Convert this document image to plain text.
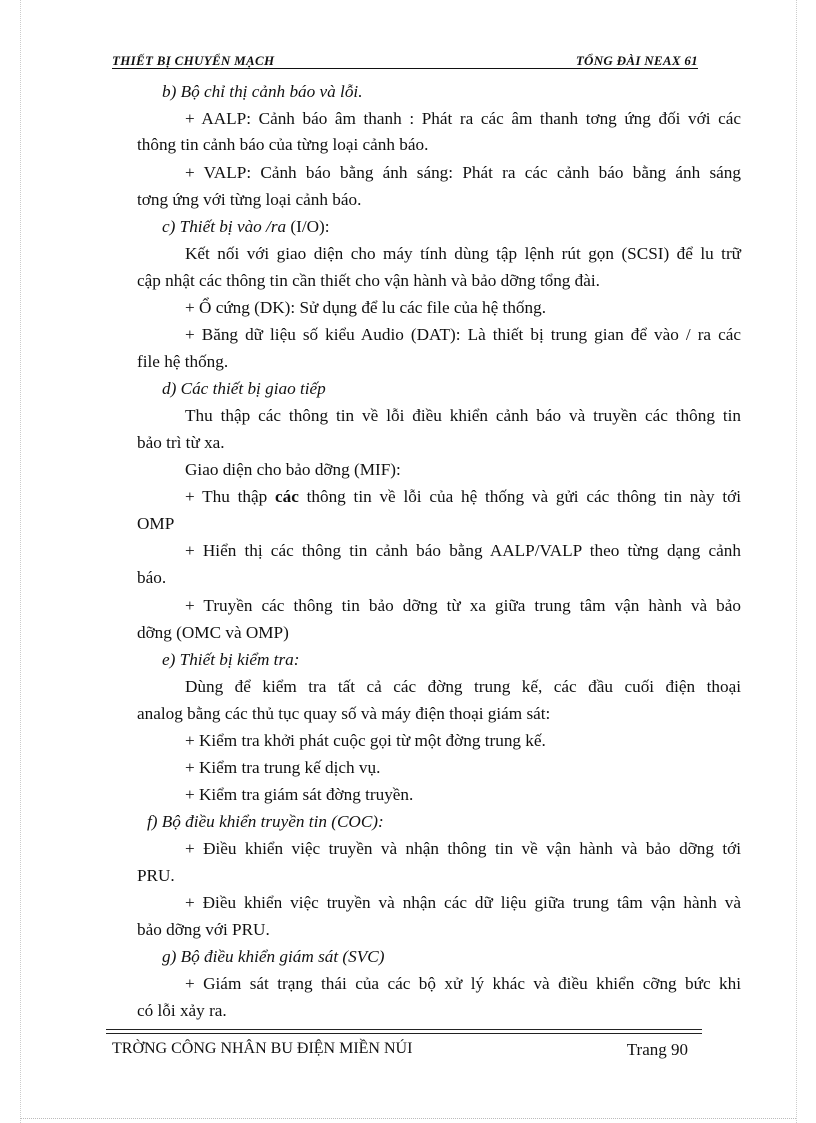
THIẾT BỊ CHUYỂN MẠCH	TỔNG ĐÀI NEAX 61
b) Bộ chỉ thị cảnh báo và lỗi.
+ AALP: Cảnh báo âm thanh : Phát ra các âm thanh tơng ứng đối với các
thông tin cảnh báo của từng loại cảnh báo.
+ VALP: Cảnh báo bằng ánh sáng: Phát ra các cảnh báo bằng ánh sáng
tơng ứng với từng loại cảnh báo.
c) Thiết bị vào /ra (I/O):
Kết nối với giao diện cho máy tính dùng tập lệnh rút gọn (SCSI) để lu trữ
cập nhật các thông tin cần thiết cho vận hành và bảo dỡng tổng đài.
+ Ổ cứng (DK): Sử dụng để lu các file của hệ thống.
+ Băng dữ liệu số kiểu Audio (DAT): Là thiết bị trung gian để vào / ra các
file hệ thống.
d) Các thiết bị giao tiếp
Thu thập các thông tin về lỗi điều khiển cảnh báo và truyền các thông tin
bảo trì từ xa.
Giao diện cho bảo dỡng (MIF):
+ Thu thập các thông tin về lỗi của hệ thống và gửi các thông tin này tới
OMP
+ Hiển thị các thông tin cảnh báo bằng AALP/VALP theo từng dạng cảnh
báo.
+ Truyền các thông tin bảo dỡng từ xa giữa trung tâm vận hành và bảo
dỡng (OMC và OMP)
e) Thiết bị kiểm tra:
Dùng để kiểm tra tất cả các đờng trung kế, các đầu cuối điện thoại
analog bằng các thủ tục quay số và máy điện thoại giám sát:
+ Kiểm tra khởi phát cuộc gọi từ một đờng trung kế.
+ Kiểm tra trung kế dịch vụ.
+ Kiểm tra giám sát đờng truyền.
f) Bộ điều khiển truyền tin (COC):
+ Điều khiển việc truyền và nhận thông tin về vận hành và bảo dỡng tới
PRU.
+ Điều khiển việc truyền và nhận các dữ liệu giữa trung tâm vận hành và
bảo dỡng với PRU.
g) Bộ điều khiển giám sát (SVC)
+ Giám sát trạng thái của các bộ xử lý khác và điều khiển cỡng bức khi
có lỗi xảy ra.
TRỜNG CÔNG NHÂN BU ĐIỆN MIỀN NÚI	Trang 90
